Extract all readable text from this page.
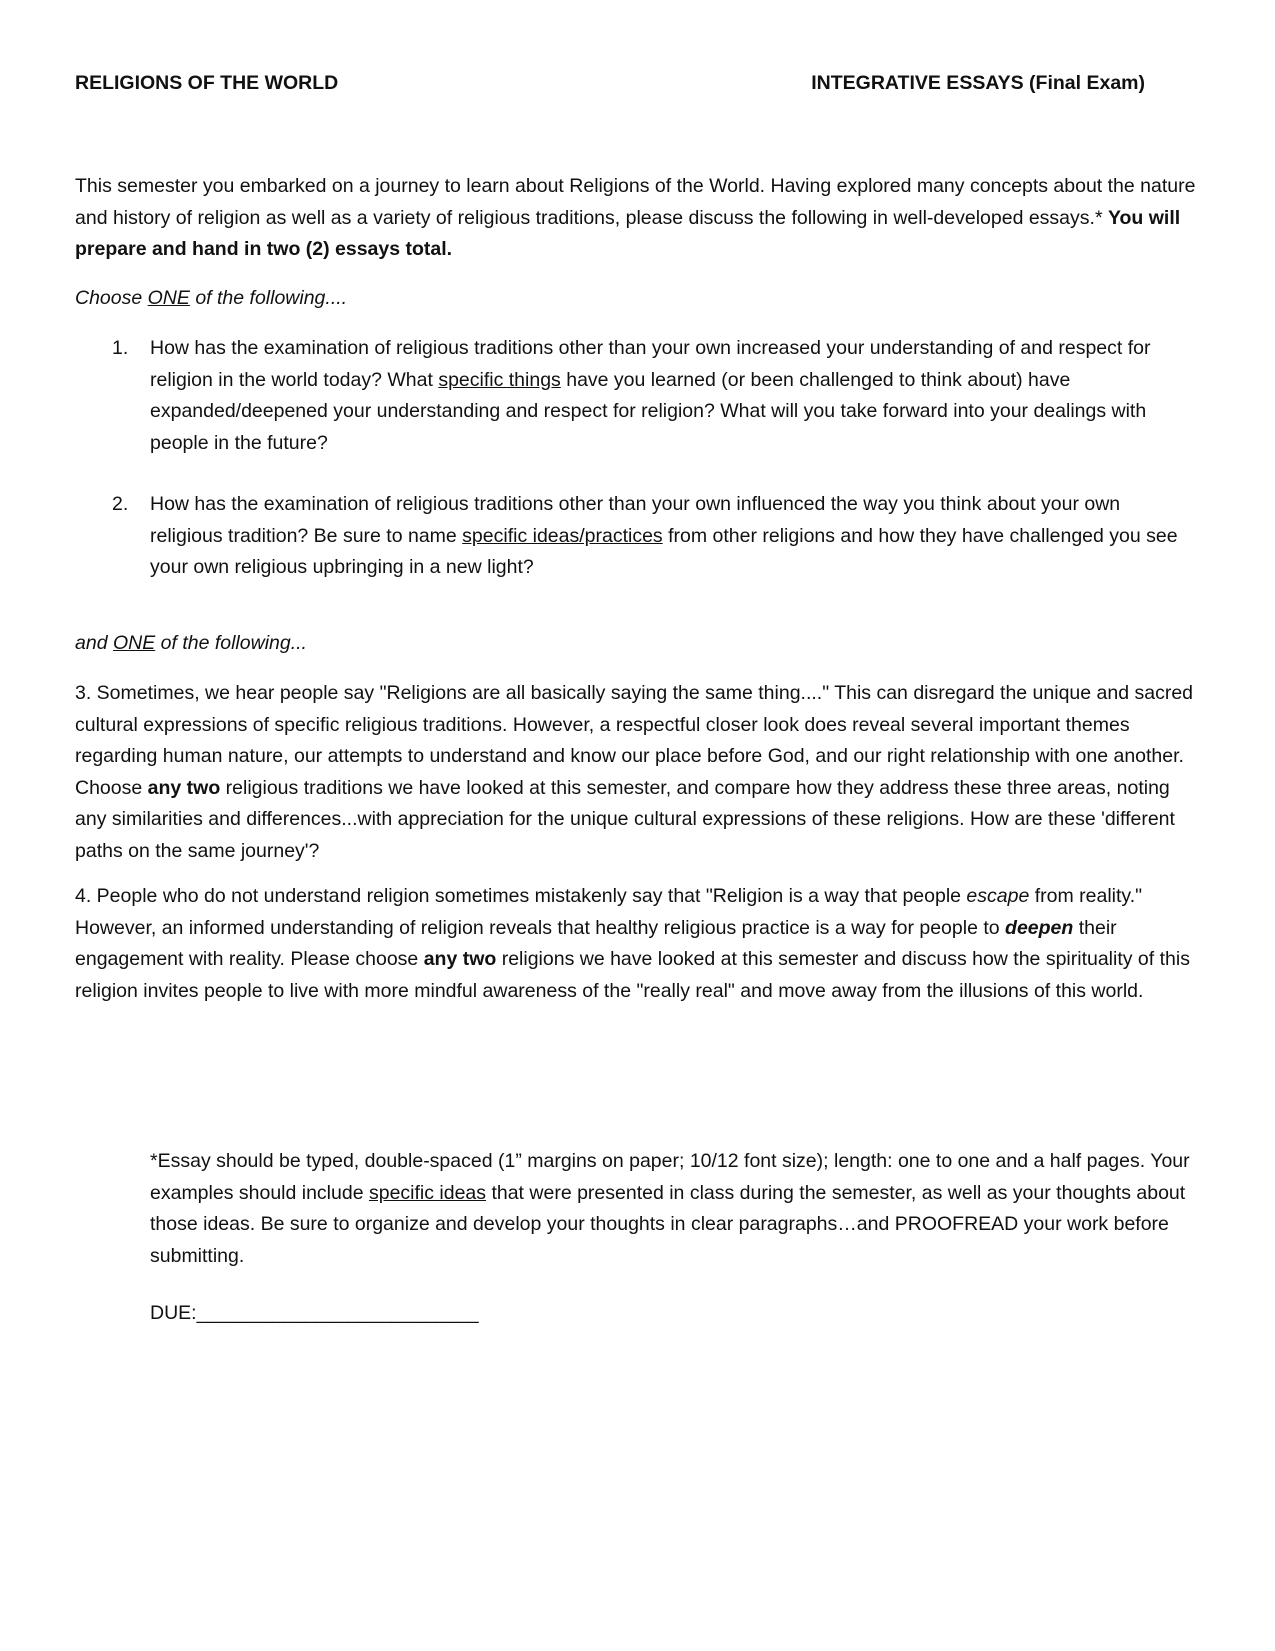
RELIGIONS OF THE WORLD	INTEGRATIVE ESSAYS (Final Exam)
This semester you embarked on a journey to learn about Religions of the World. Having explored many concepts about the nature and history of religion as well as a variety of religious traditions, please discuss the following in well-developed essays.* You will prepare and hand in two (2) essays total.
Choose ONE of the following....
1. How has the examination of religious traditions other than your own increased your understanding of and respect for religion in the world today? What specific things have you learned (or been challenged to think about) have expanded/deepened your understanding and respect for religion? What will you take forward into your dealings with people in the future?
2. How has the examination of religious traditions other than your own influenced the way you think about your own religious tradition? Be sure to name specific ideas/practices from other religions and how they have challenged you see your own religious upbringing in a new light?
and ONE of the following...
3. Sometimes, we hear people say "Religions are all basically saying the same thing...." This can disregard the unique and sacred cultural expressions of specific religious traditions. However, a respectful closer look does reveal several important themes regarding human nature, our attempts to understand and know our place before God, and our right relationship with one another. Choose any two religious traditions we have looked at this semester, and compare how they address these three areas, noting any similarities and differences...with appreciation for the unique cultural expressions of these religions. How are these 'different paths on the same journey'?
4. People who do not understand religion sometimes mistakenly say that "Religion is a way that people escape from reality." However, an informed understanding of religion reveals that healthy religious practice is a way for people to deepen their engagement with reality. Please choose any two religions we have looked at this semester and discuss how the spirituality of this religion invites people to live with more mindful awareness of the "really real" and move away from the illusions of this world.
*Essay should be typed, double-spaced (1” margins on paper; 10/12 font size); length: one to one and a half pages. Your examples should include specific ideas that were presented in class during the semester, as well as your thoughts about those ideas. Be sure to organize and develop your thoughts in clear paragraphs…and PROOFREAD your work before submitting.
DUE:__________________________
